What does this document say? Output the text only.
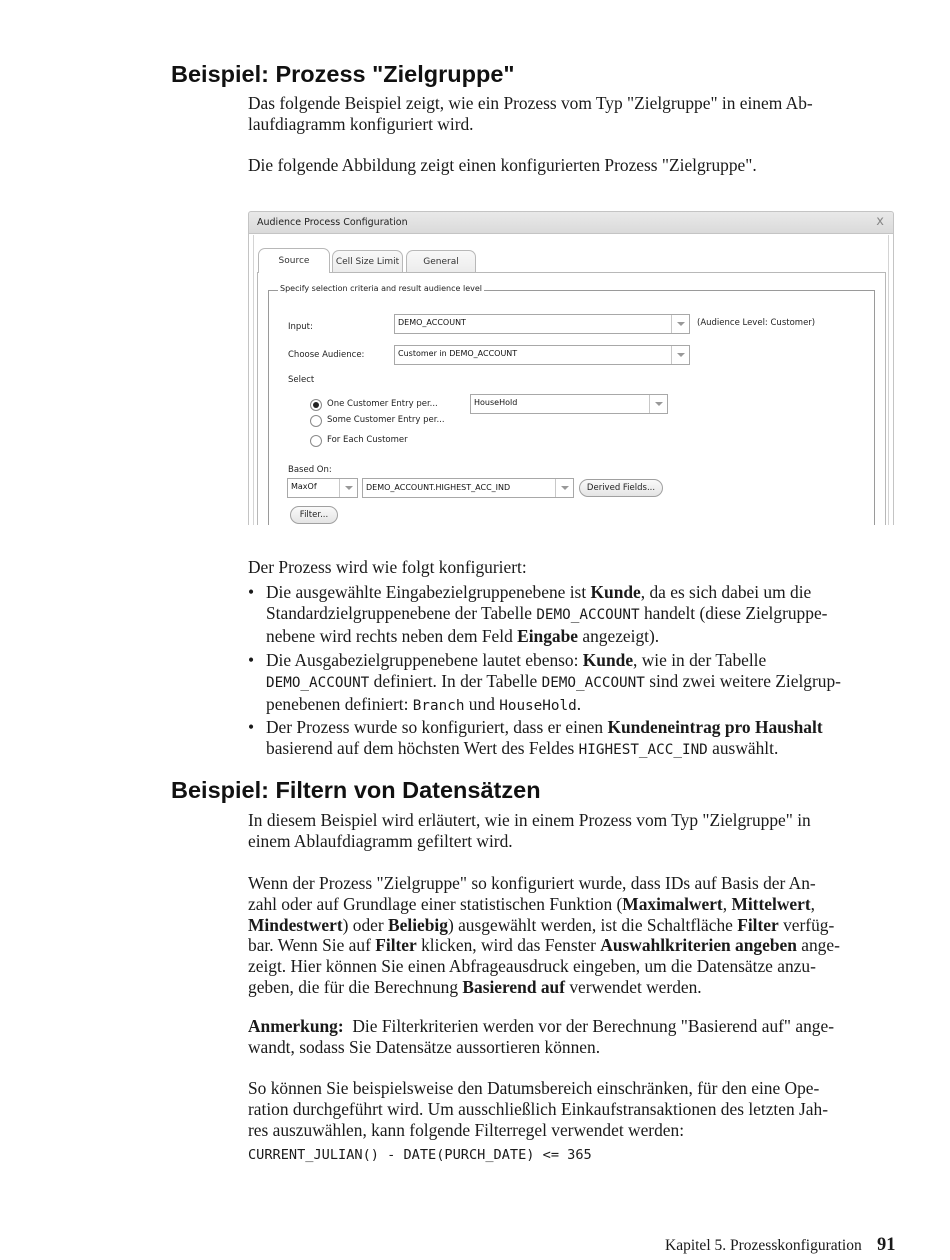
Beispiel: Prozess "Zielgruppe"

Das folgende Beispiel zeigt, wie ein Prozess vom Typ "Zielgruppe" in einem Ab-
laufdiagramm konfiguriert wird.

Die folgende Abbildung zeigt einen konfigurierten Prozess "Zielgruppe".

Audience Process Configuration	x
Source	Cell Size Limit	General
Specify selection criteria and result audience level
Input:	DEMO_ACCOUNT	(Audience Level: Customer)
Choose Audience:	Customer in DEMO_ACCOUNT
Select
One Customer Entry per...	HouseHold
Some Customer Entry per...
For Each Customer
Based On:
MaxOf	DEMO_ACCOUNT.HIGHEST_ACC_IND	Derived Fields...
Filter...

Der Prozess wird wie folgt konfiguriert:

• Die ausgewählte Eingabezielgruppenebene ist Kunde, da es sich dabei um die
Standardzielgruppenebene der Tabelle DEMO_ACCOUNT handelt (diese Zielgruppe-
nebene wird rechts neben dem Feld Eingabe angezeigt).
• Die Ausgabezielgruppenebene lautet ebenso: Kunde, wie in der Tabelle
DEMO_ACCOUNT definiert. In der Tabelle DEMO_ACCOUNT sind zwei weitere Zielgrup-
penebenen definiert: Branch und HouseHold.
• Der Prozess wurde so konfiguriert, dass er einen Kundeneintrag pro Haushalt
basierend auf dem höchsten Wert des Feldes HIGHEST_ACC_IND auswählt.
Beispiel: Filtern von Datensätzen

In diesem Beispiel wird erläutert, wie in einem Prozess vom Typ "Zielgruppe" in
einem Ablaufdiagramm gefiltert wird.

Wenn der Prozess "Zielgruppe" so konfiguriert wurde, dass IDs auf Basis der An-
zahl oder auf Grundlage einer statistischen Funktion (Maximalwert, Mittelwert,
Mindestwert) oder Beliebig) ausgewählt werden, ist die Schaltfläche Filter verfüg-
bar. Wenn Sie auf Filter klicken, wird das Fenster Auswahlkriterien angeben ange-
zeigt. Hier können Sie einen Abfrageausdruck eingeben, um die Datensätze anzu-
geben, die für die Berechnung Basierend auf verwendet werden.

Anmerkung: Die Filterkriterien werden vor der Berechnung "Basierend auf" ange-
wandt, sodass Sie Datensätze aussortieren können.

So können Sie beispielsweise den Datumsbereich einschränken, für den eine Ope-
ration durchgeführt wird. Um ausschließlich Einkaufstransaktionen des letzten Jah-
res auszuwählen, kann folgende Filterregel verwendet werden:

CURRENT_JULIAN() - DATE(PURCH_DATE) <= 365
Kapitel 5. Prozesskonfiguration 91
